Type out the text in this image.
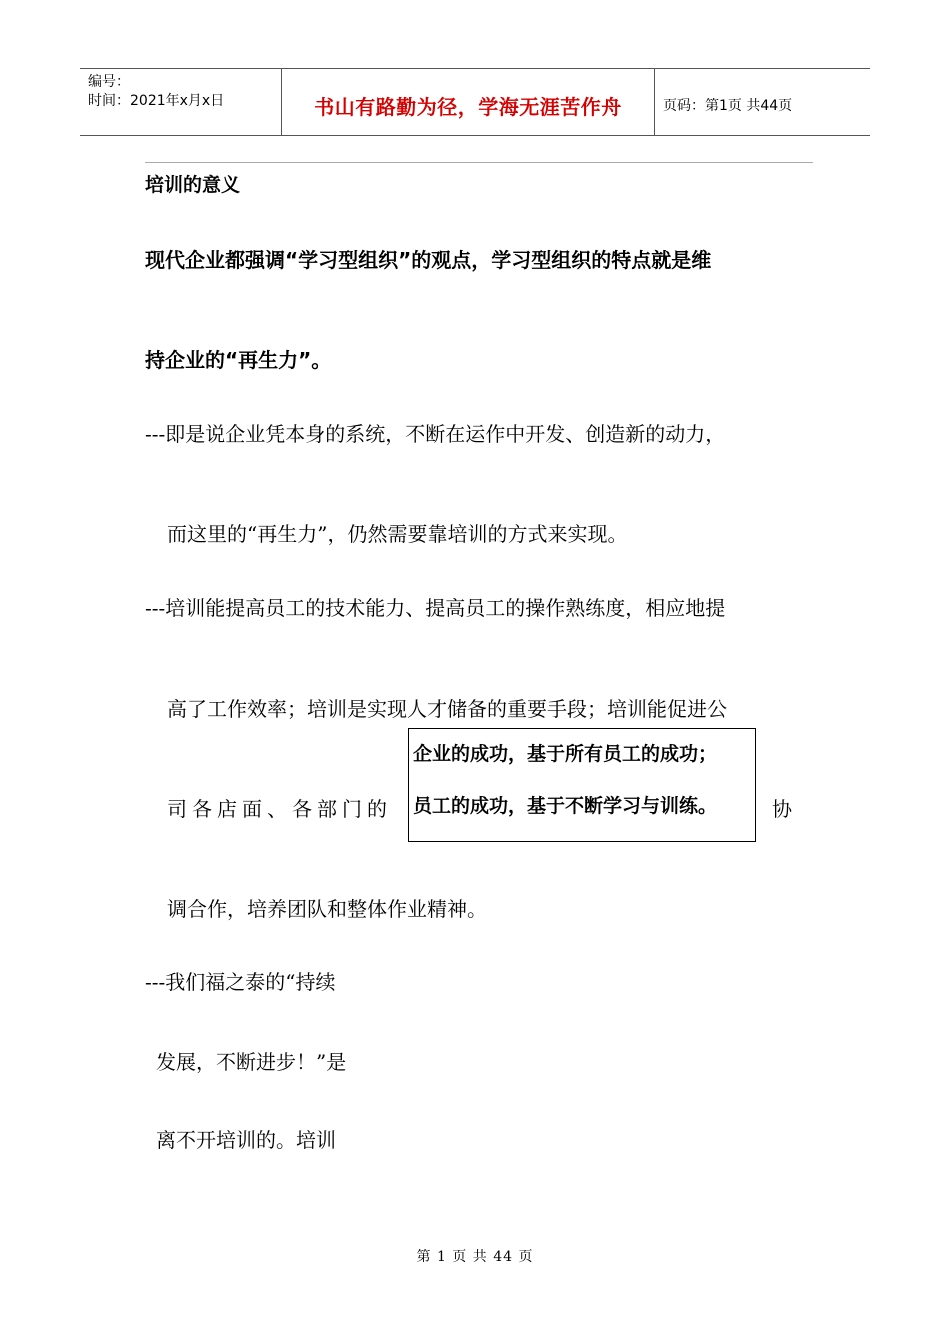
编号：
时间：2021年x月x日	书山有路勤为径，学海无涯苦作舟	页码：第1页 共44页
培训的意义
现代企业都强调“学习型组织”的观点，学习型组织的特点就是维
持企业的“再生力”。
---即是说企业凭本身的系统，不断在运作中开发、创造新的动力，
而这里的“再生力”，仍然需要靠培训的方式来实现。
---培训能提高员工的技术能力、提高员工的操作熟练度，相应地提
高了工作效率；培训是实现人才储备的重要手段；培训能促进公
司各店面、各部门的	协
调合作，培养团队和整体作业精神。
---我们福之泰的“持续
发展，不断进步！”是
离不开培训的。培训
企业的成功，基于所有员工的成功；
员工的成功，基于不断学习与训练。
第 1 页 共 44 页
